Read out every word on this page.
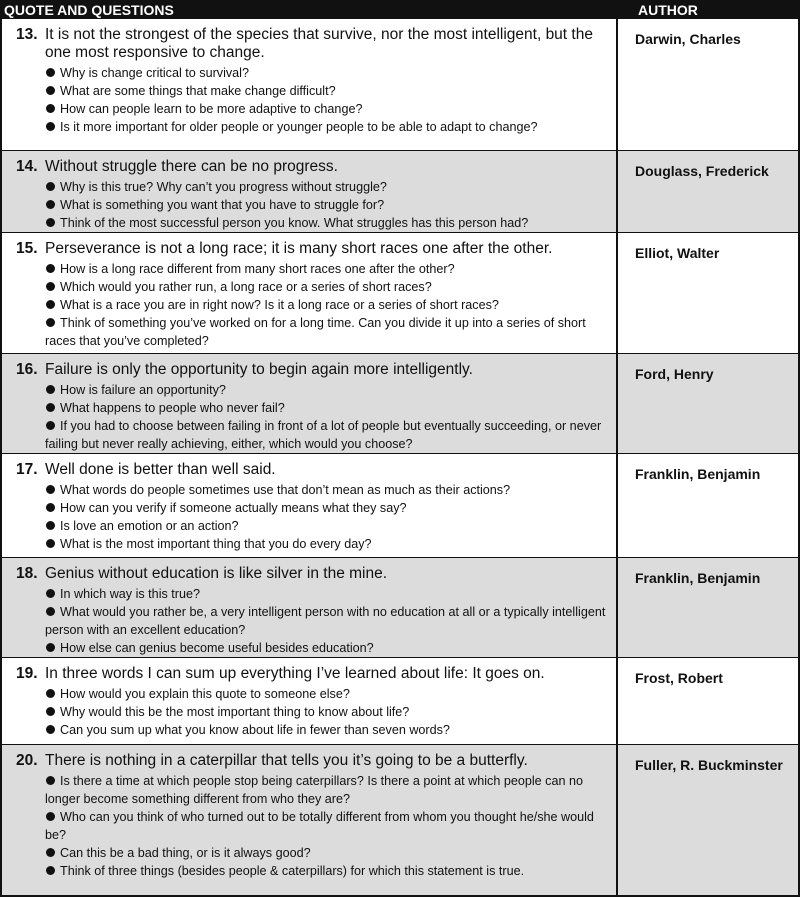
QUOTE AND QUESTIONS	AUTHOR
13. It is not the strongest of the species that survive, nor the most intelligent, but the one most responsive to change.
Why is change critical to survival?
What are some things that make change difficult?
How can people learn to be more adaptive to change?
Is it more important for older people or younger people to be able to adapt to change?
Darwin, Charles
14. Without struggle there can be no progress.
Why is this true? Why can’t you progress without struggle?
What is something you want that you have to struggle for?
Think of the most successful person you know. What struggles has this person had?
Douglass, Frederick
15. Perseverance is not a long race; it is many short races one after the other.
How is a long race different from many short races one after the other?
Which would you rather run, a long race or a series of short races?
What is a race you are in right now? Is it a long race or a series of short races?
Think of something you’ve worked on for a long time. Can you divide it up into a series of short races that you’ve completed?
Elliot, Walter
16. Failure is only the opportunity to begin again more intelligently.
How is failure an opportunity?
What happens to people who never fail?
If you had to choose between failing in front of a lot of people but eventually succeeding, or never failing but never really achieving, either, which would you choose?
Ford, Henry
17. Well done is better than well said.
What words do people sometimes use that don’t mean as much as their actions?
How can you verify if someone actually means what they say?
Is love an emotion or an action?
What is the most important thing that you do every day?
Franklin, Benjamin
18. Genius without education is like silver in the mine.
In which way is this true?
What would you rather be, a very intelligent person with no education at all or a typically intelligent person with an excellent education?
How else can genius become useful besides education?
Franklin, Benjamin
19. In three words I can sum up everything I’ve learned about life: It goes on.
How would you explain this quote to someone else?
Why would this be the most important thing to know about life?
Can you sum up what you know about life in fewer than seven words?
Frost, Robert
20. There is nothing in a caterpillar that tells you it’s going to be a butterfly.
Is there a time at which people stop being caterpillars? Is there a point at which people can no longer become something different from who they are?
Who can you think of who turned out to be totally different from whom you thought he/she would be?
Can this be a bad thing, or is it always good?
Think of three things (besides people & caterpillars) for which this statement is true.
Fuller, R. Buckminster
